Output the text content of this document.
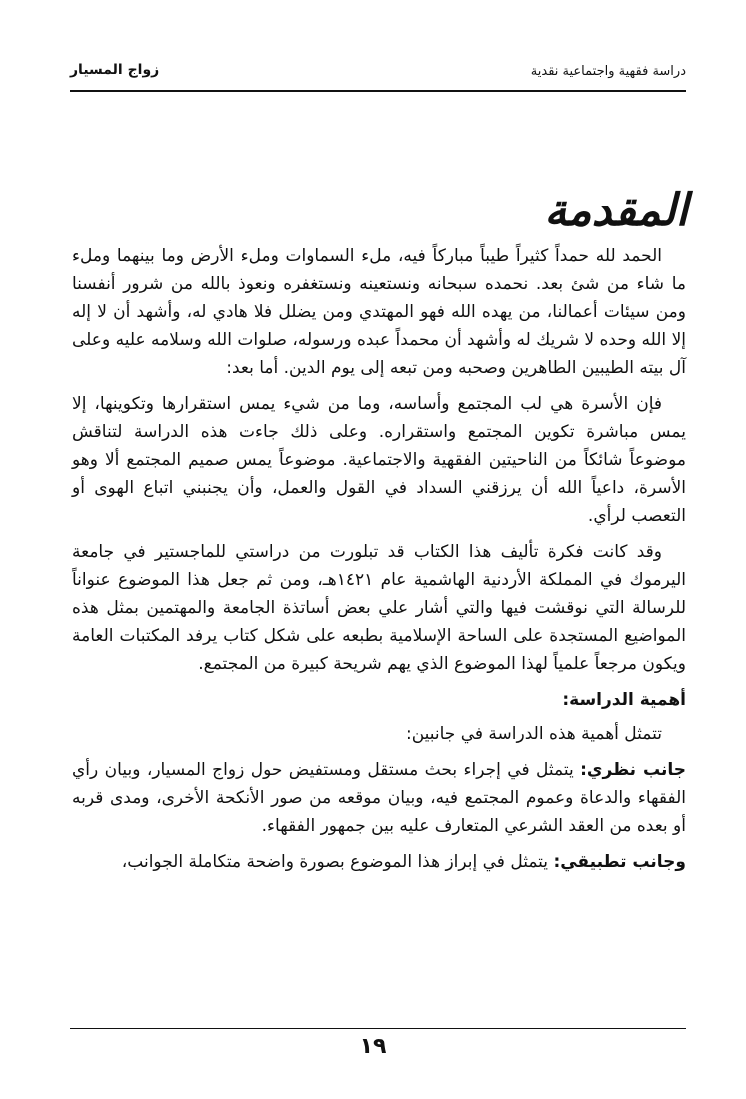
دراسة فقهية واجتماعية نقدية
زواج المسيار
المقدمة

الحمد لله حمداً كثيراً طيباً مباركاً فيه، ملء السماوات وملء الأرض وما بينهما وملء ما شاء من شئ بعد. نحمده سبحانه ونستعينه ونستغفره ونعوذ بالله من شرور أنفسنا ومن سيئات أعمالنا، من يهده الله فهو المهتدي ومن يضلل فلا هادي له، وأشهد أن لا إله إلا الله وحده لا شريك له وأشهد أن محمداً عبده ورسوله، صلوات الله وسلامه عليه وعلى آل بيته الطيبين الطاهرين وصحبه ومن تبعه إلى يوم الدين. أما بعد:

فإن الأسرة هي لب المجتمع وأساسه، وما من شيء يمس استقرارها وتكوينها، إلا يمس مباشرة تكوين المجتمع واستقراره. وعلى ذلك جاءت هذه الدراسة لتناقش موضوعاً شائكاً من الناحيتين الفقهية والاجتماعية. موضوعاً يمس صميم المجتمع ألا وهو الأسرة، داعياً الله أن يرزقني السداد في القول والعمل، وأن يجنبني اتباع الهوى أو التعصب لرأي.

وقد كانت فكرة تأليف هذا الكتاب قد تبلورت من دراستي للماجستير في جامعة اليرموك في المملكة الأردنية الهاشمية عام ١٤٢١هـ، ومن ثم جعل هذا الموضوع عنواناً للرسالة التي نوقشت فيها والتي أشار علي بعض أساتذة الجامعة والمهتمين بمثل هذه المواضيع المستجدة على الساحة الإسلامية بطبعه على شكل كتاب يرفد المكتبات العامة ويكون مرجعاً علمياً لهذا الموضوع الذي يهم شريحة كبيرة من المجتمع.

أهمية الدراسة:

تتمثل أهمية هذه الدراسة في جانبين:

جانب نظري: يتمثل في إجراء بحث مستقل ومستفيض حول زواج المسيار، وبيان رأي الفقهاء والدعاة وعموم المجتمع فيه، وبيان موقعه من صور الأنكحة الأخرى، ومدى قربه أو بعده من العقد الشرعي المتعارف عليه بين جمهور الفقهاء.

وجانب تطبيقي: يتمثل في إبراز هذا الموضوع بصورة واضحة متكاملة الجوانب،

١٩
